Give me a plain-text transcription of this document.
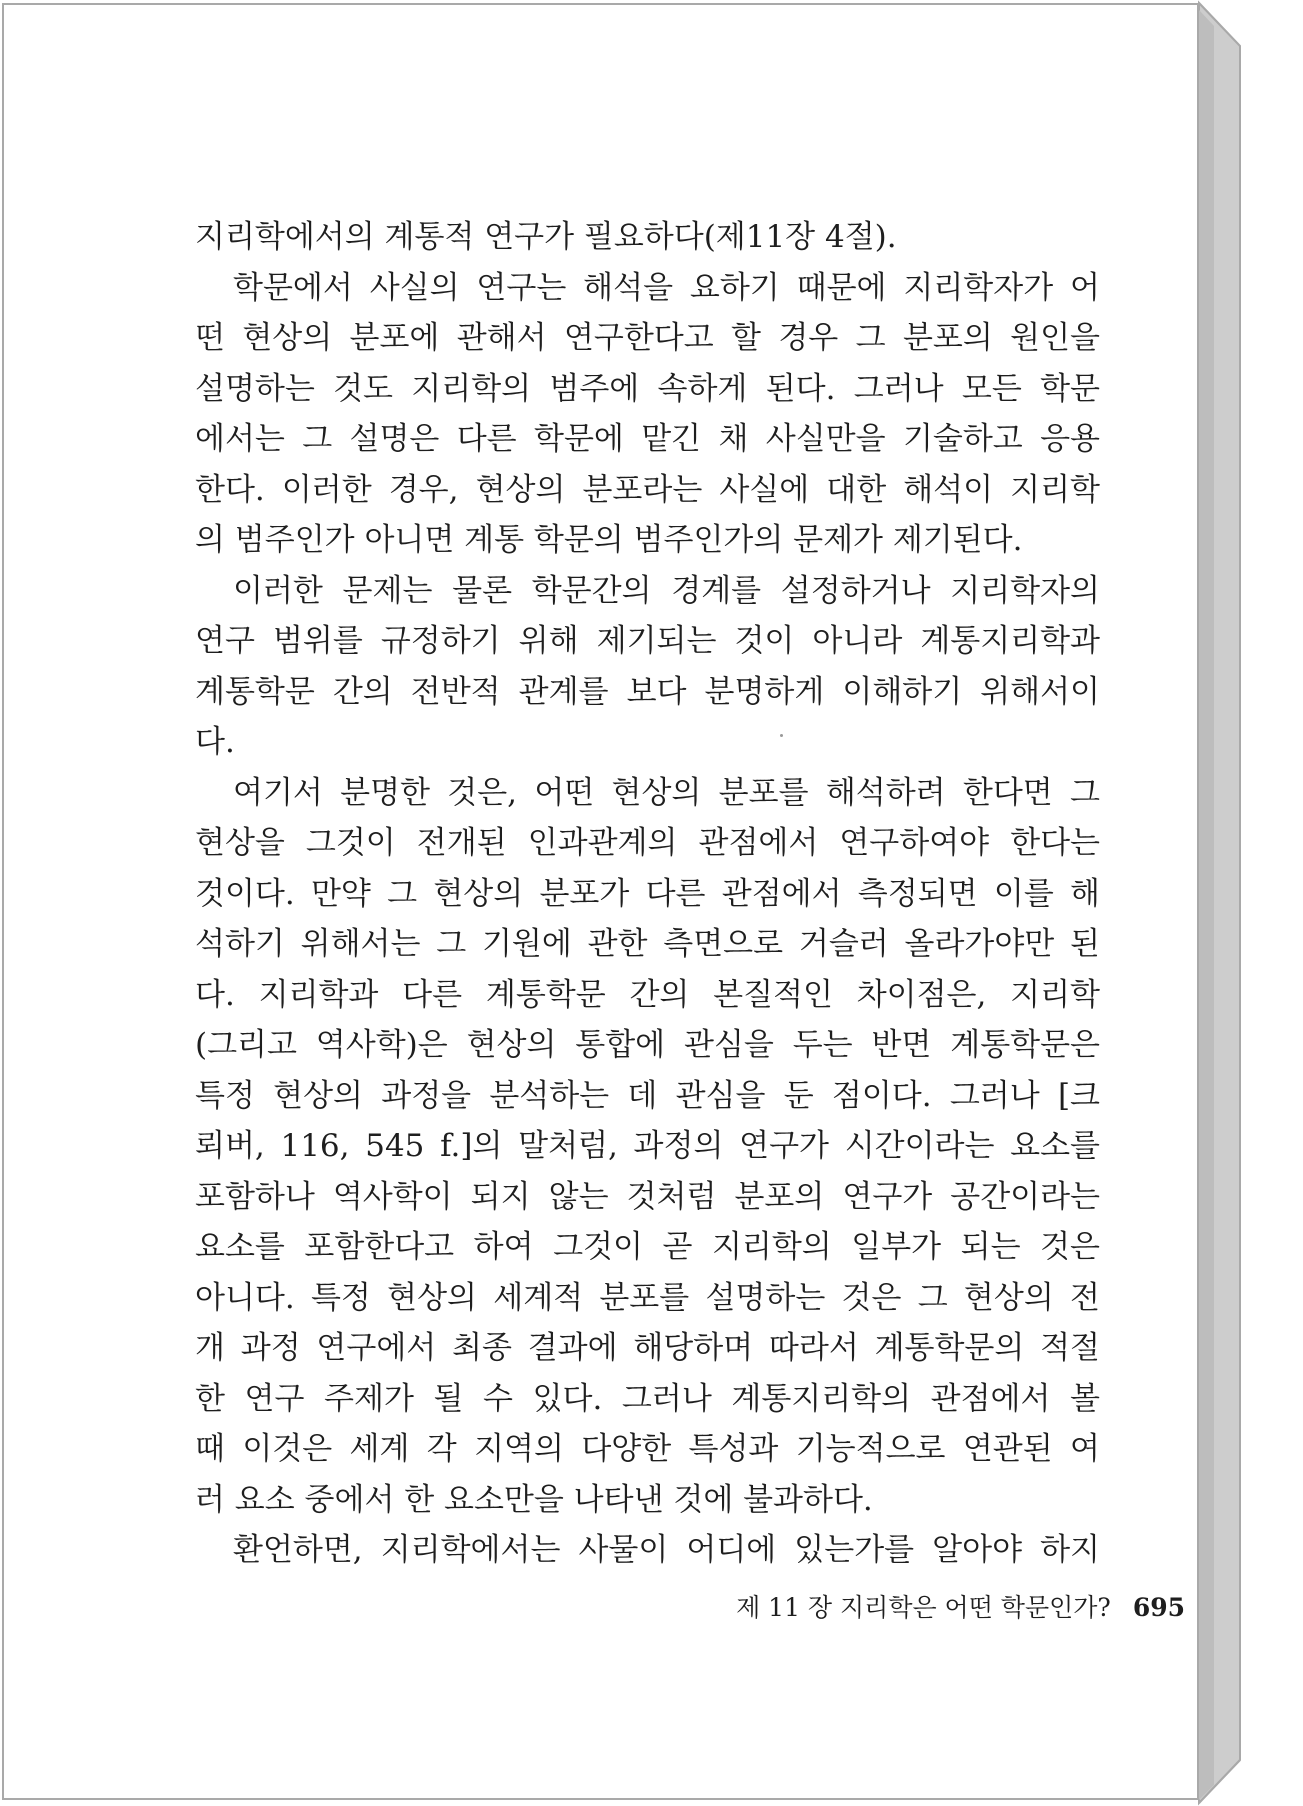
지리학에서의 계통적 연구가 필요하다(제11장 4절).
학문에서 사실의 연구는 해석을 요하기 때문에 지리학자가 어
떤 현상의 분포에 관해서 연구한다고 할 경우 그 분포의 원인을
설명하는 것도 지리학의 범주에 속하게 된다. 그러나 모든 학문
에서는 그 설명은 다른 학문에 맡긴 채 사실만을 기술하고 응용
한다. 이러한 경우, 현상의 분포라는 사실에 대한 해석이 지리학
의 범주인가 아니면 계통 학문의 범주인가의 문제가 제기된다.
이러한 문제는 물론 학문간의 경계를 설정하거나 지리학자의
연구 범위를 규정하기 위해 제기되는 것이 아니라 계통지리학과
계통학문 간의 전반적 관계를 보다 분명하게 이해하기 위해서이
다.
여기서 분명한 것은, 어떤 현상의 분포를 해석하려 한다면 그
현상을 그것이 전개된 인과관계의 관점에서 연구하여야 한다는
것이다. 만약 그 현상의 분포가 다른 관점에서 측정되면 이를 해
석하기 위해서는 그 기원에 관한 측면으로 거슬러 올라가야만 된
다. 지리학과 다른 계통학문 간의 본질적인 차이점은, 지리학
(그리고 역사학)은 현상의 통합에 관심을 두는 반면 계통학문은
특정 현상의 과정을 분석하는 데 관심을 둔 점이다. 그러나 [크
뢰버, 116, 545 f.]의 말처럼, 과정의 연구가 시간이라는 요소를
포함하나 역사학이 되지 않는 것처럼 분포의 연구가 공간이라는
요소를 포함한다고 하여 그것이 곧 지리학의 일부가 되는 것은
아니다. 특정 현상의 세계적 분포를 설명하는 것은 그 현상의 전
개 과정 연구에서 최종 결과에 해당하며 따라서 계통학문의 적절
한 연구 주제가 될 수 있다. 그러나 계통지리학의 관점에서 볼
때 이것은 세계 각 지역의 다양한 특성과 기능적으로 연관된 여
러 요소 중에서 한 요소만을 나타낸 것에 불과하다.
환언하면, 지리학에서는 사물이 어디에 있는가를 알아야 하지
제 11 장 지리학은 어떤 학문인가? 695
